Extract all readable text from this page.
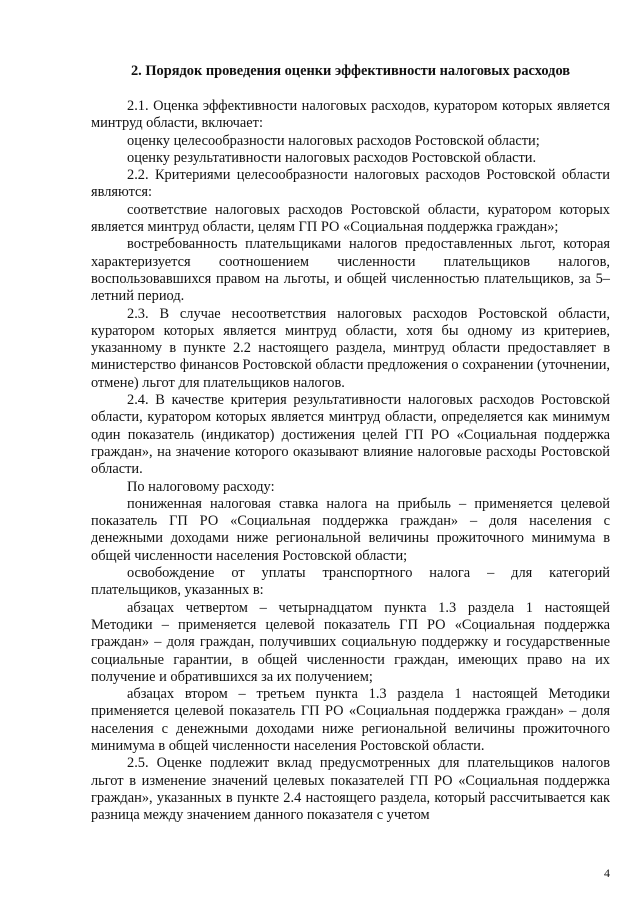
2. Порядок проведения оценки эффективности налоговых расходов

2.1. Оценка эффективности налоговых расходов, куратором которых является минтруд области, включает:

оценку целесообразности налоговых расходов Ростовской области;

оценку результативности налоговых расходов Ростовской области.

2.2. Критериями целесообразности налоговых расходов Ростовской области являются:

соответствие налоговых расходов Ростовской области, куратором которых является минтруд области, целям ГП РО «Социальная поддержка граждан»;

востребованность плательщиками налогов предоставленных льгот, которая характеризуется соотношением численности плательщиков налогов, воспользовавшихся правом на льготы, и общей численностью плательщиков, за 5–летний период.

2.3. В случае несоответствия налоговых расходов Ростовской области, куратором которых является минтруд области, хотя бы одному из критериев, указанному в пункте 2.2 настоящего раздела, минтруд области предоставляет в министерство финансов Ростовской области предложения о сохранении (уточнении, отмене) льгот для плательщиков налогов.

2.4. В качестве критерия результативности налоговых расходов Ростовской области, куратором которых является минтруд области, определяется как минимум один показатель (индикатор) достижения целей ГП РО «Социальная поддержка граждан», на значение которого оказывают влияние налоговые расходы Ростовской области.

По налоговому расходу:

пониженная налоговая ставка налога на прибыль – применяется целевой показатель ГП РО «Социальная поддержка граждан» – доля населения с денежными доходами ниже региональной величины прожиточного минимума в общей численности населения Ростовской области;

освобождение от уплаты транспортного налога – для категорий плательщиков, указанных в:

абзацах четвертом – четырнадцатом пункта 1.3 раздела 1 настоящей Методики – применяется целевой показатель ГП РО «Социальная поддержка граждан» – доля граждан, получивших социальную поддержку и государственные социальные гарантии, в общей численности граждан, имеющих право на их получение и обратившихся за их получением;

абзацах втором – третьем пункта 1.3 раздела 1 настоящей Методики применяется целевой показатель ГП РО «Социальная поддержка граждан» – доля населения с денежными доходами ниже региональной величины прожиточного минимума в общей численности населения Ростовской области.

2.5. Оценке подлежит вклад предусмотренных для плательщиков налогов льгот в изменение значений целевых показателей ГП РО «Социальная поддержка граждан», указанных в пункте 2.4 настоящего раздела, который рассчитывается как разница между значением данного показателя с учетом

4
